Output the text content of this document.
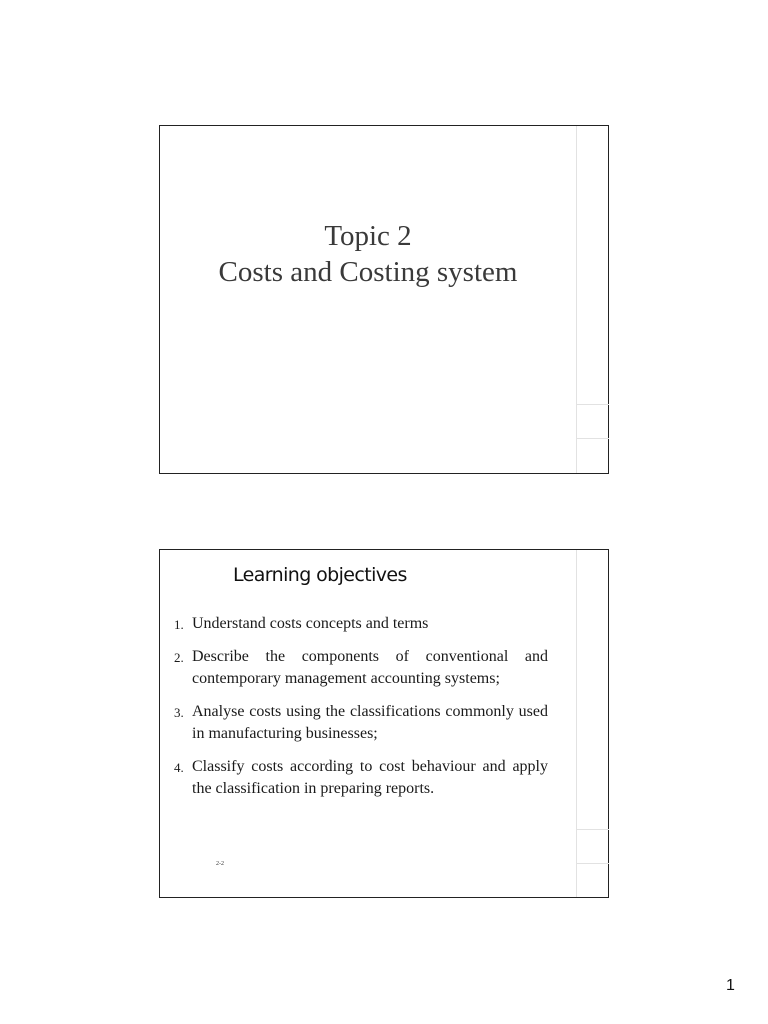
Topic 2
Costs and Costing system
Learning objectives
1. Understand costs concepts and terms
2. Describe the components of conventional and contemporary management accounting systems;
3. Analyse costs using the classifications commonly used in manufacturing businesses;
4. Classify costs according to cost behaviour and apply the classification in preparing reports.
2-2
1
